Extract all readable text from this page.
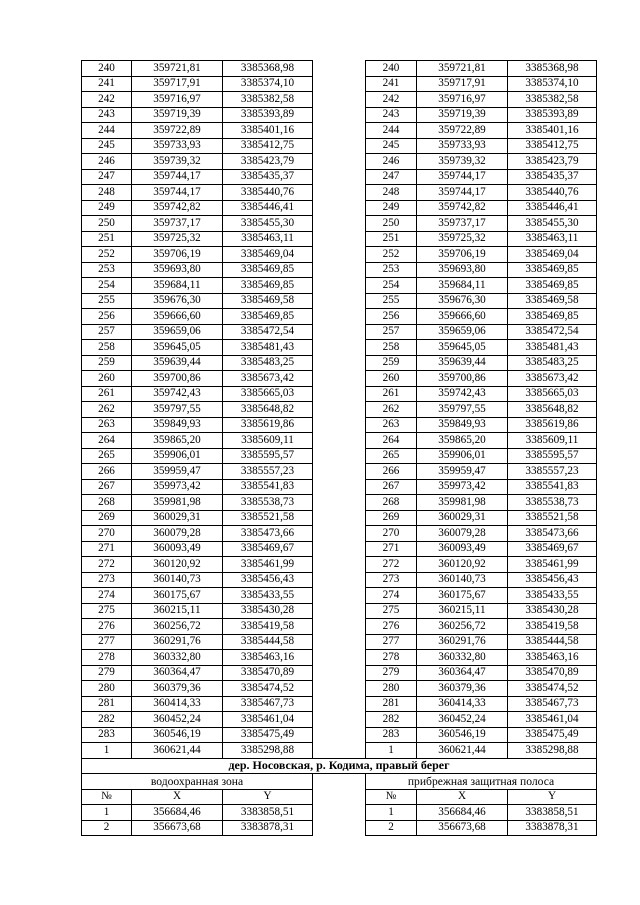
240	359721,81	3385368,98		240	359721,81	3385368,98
241	359717,91	3385374,10		241	359717,91	3385374,10
242	359716,97	3385382,58		242	359716,97	3385382,58
243	359719,39	3385393,89		243	359719,39	3385393,89
244	359722,89	3385401,16		244	359722,89	3385401,16
245	359733,93	3385412,75		245	359733,93	3385412,75
246	359739,32	3385423,79		246	359739,32	3385423,79
247	359744,17	3385435,37		247	359744,17	3385435,37
248	359744,17	3385440,76		248	359744,17	3385440,76
249	359742,82	3385446,41		249	359742,82	3385446,41
250	359737,17	3385455,30		250	359737,17	3385455,30
251	359725,32	3385463,11		251	359725,32	3385463,11
252	359706,19	3385469,04		252	359706,19	3385469,04
253	359693,80	3385469,85		253	359693,80	3385469,85
254	359684,11	3385469,85		254	359684,11	3385469,85
255	359676,30	3385469,58		255	359676,30	3385469,58
256	359666,60	3385469,85		256	359666,60	3385469,85
257	359659,06	3385472,54		257	359659,06	3385472,54
258	359645,05	3385481,43		258	359645,05	3385481,43
259	359639,44	3385483,25		259	359639,44	3385483,25
260	359700,86	3385673,42		260	359700,86	3385673,42
261	359742,43	3385665,03		261	359742,43	3385665,03
262	359797,55	3385648,82		262	359797,55	3385648,82
263	359849,93	3385619,86		263	359849,93	3385619,86
264	359865,20	3385609,11		264	359865,20	3385609,11
265	359906,01	3385595,57		265	359906,01	3385595,57
266	359959,47	3385557,23		266	359959,47	3385557,23
267	359973,42	3385541,83		267	359973,42	3385541,83
268	359981,98	3385538,73		268	359981,98	3385538,73
269	360029,31	3385521,58		269	360029,31	3385521,58
270	360079,28	3385473,66		270	360079,28	3385473,66
271	360093,49	3385469,67		271	360093,49	3385469,67
272	360120,92	3385461,99		272	360120,92	3385461,99
273	360140,73	3385456,43		273	360140,73	3385456,43
274	360175,67	3385433,55		274	360175,67	3385433,55
275	360215,11	3385430,28		275	360215,11	3385430,28
276	360256,72	3385419,58		276	360256,72	3385419,58
277	360291,76	3385444,58		277	360291,76	3385444,58
278	360332,80	3385463,16		278	360332,80	3385463,16
279	360364,47	3385470,89		279	360364,47	3385470,89
280	360379,36	3385474,52		280	360379,36	3385474,52
281	360414,33	3385467,73		281	360414,33	3385467,73
282	360452,24	3385461,04		282	360452,24	3385461,04
283	360546,19	3385475,49		283	360546,19	3385475,49
1	360621,44	3385298,88		1	360621,44	3385298,88
дер. Носовская, р. Кодима, правый берег						
водоохранная зона				прибрежная защитная полоса		
№	X	Y		№	X	Y
1	356684,46	3383858,51		1	356684,46	3383858,51
2	356673,68	3383878,31		2	356673,68	3383878,31
